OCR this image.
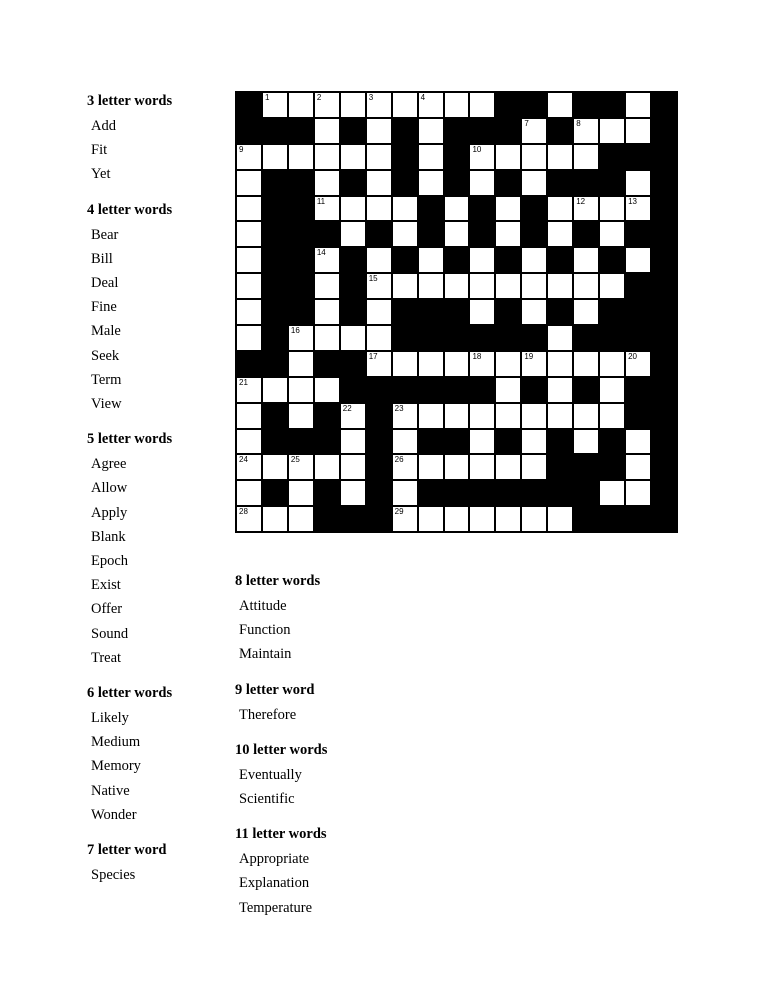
3 letter words
Add
Fit
Yet
4 letter words
Bear
Bill
Deal
Fine
Male
Seek
Term
View
5 letter words
Agree
Allow
Apply
Blank
Epoch
Exist
Offer
Sound
Treat
6 letter words
Likely
Medium
Memory
Native
Wonder
7 letter word
Species
8 letter words
Attitude
Function
Maintain
9 letter word
Therefore
10 letter words
Eventually
Scientific
11 letter words
Appropriate
Explanation
Temperature
1	2	3	4	5	6
7	8
9	10
11	12	13
14
15
16
17	18	19	20
21
22	23
24	25	26
27
28	29
